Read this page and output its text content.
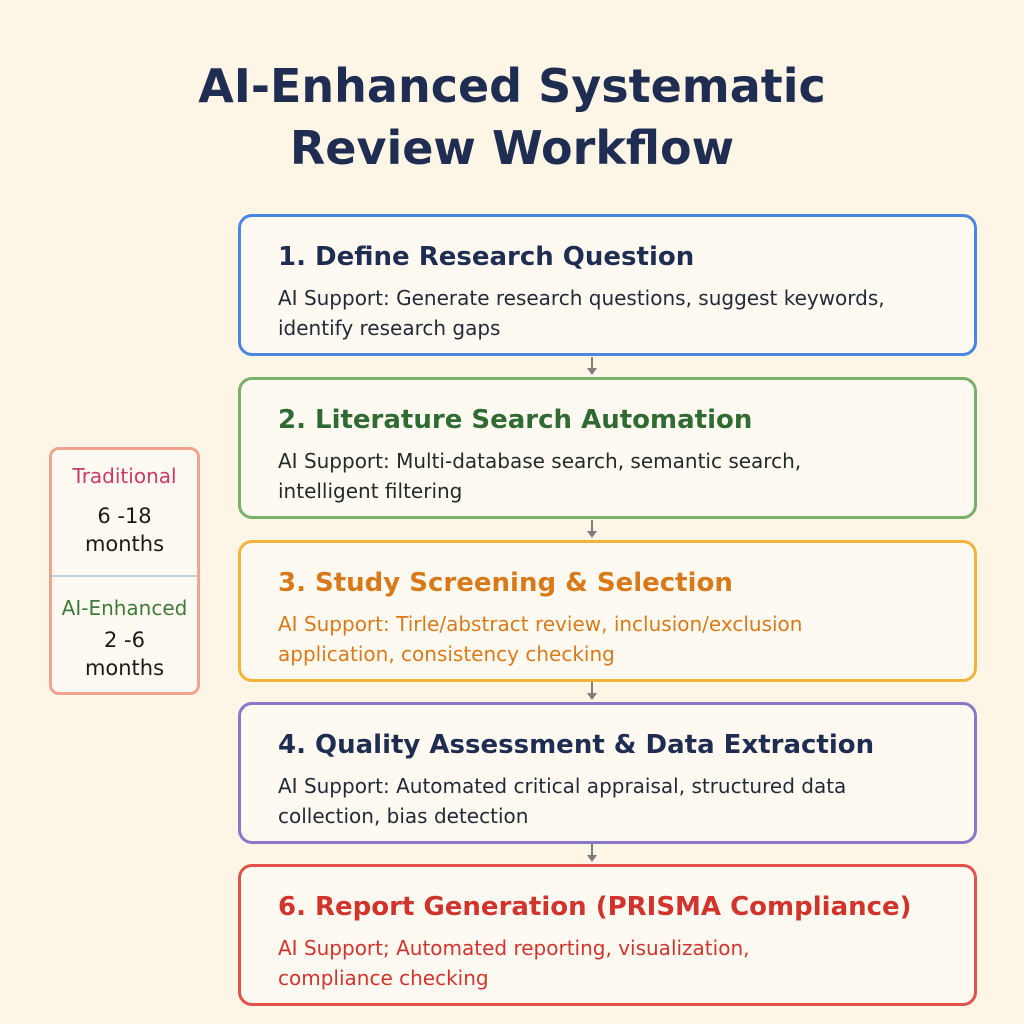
AI-Enhanced Systematic
Review Workflow

1. Define Research Question

AI Support: Generate research questions, suggest keywords,
identify research gaps

2. Literature Search Automation

AI Support: Multi-database search, semantic search,
intelligent filtering

3. Study Screening & Selection

AI Support: Tirle/abstract review, inclusion/exclusion
application, consistency checking

4. Quality Assessment & Data Extraction

AI Support: Automated critical appraisal, structured data
collection, bias detection

6. Report Generation (PRISMA Compliance)

AI Support; Automated reporting, visualization,
compliance checking

Traditional
6 -18
months
AI-Enhanced
2 -6
months
